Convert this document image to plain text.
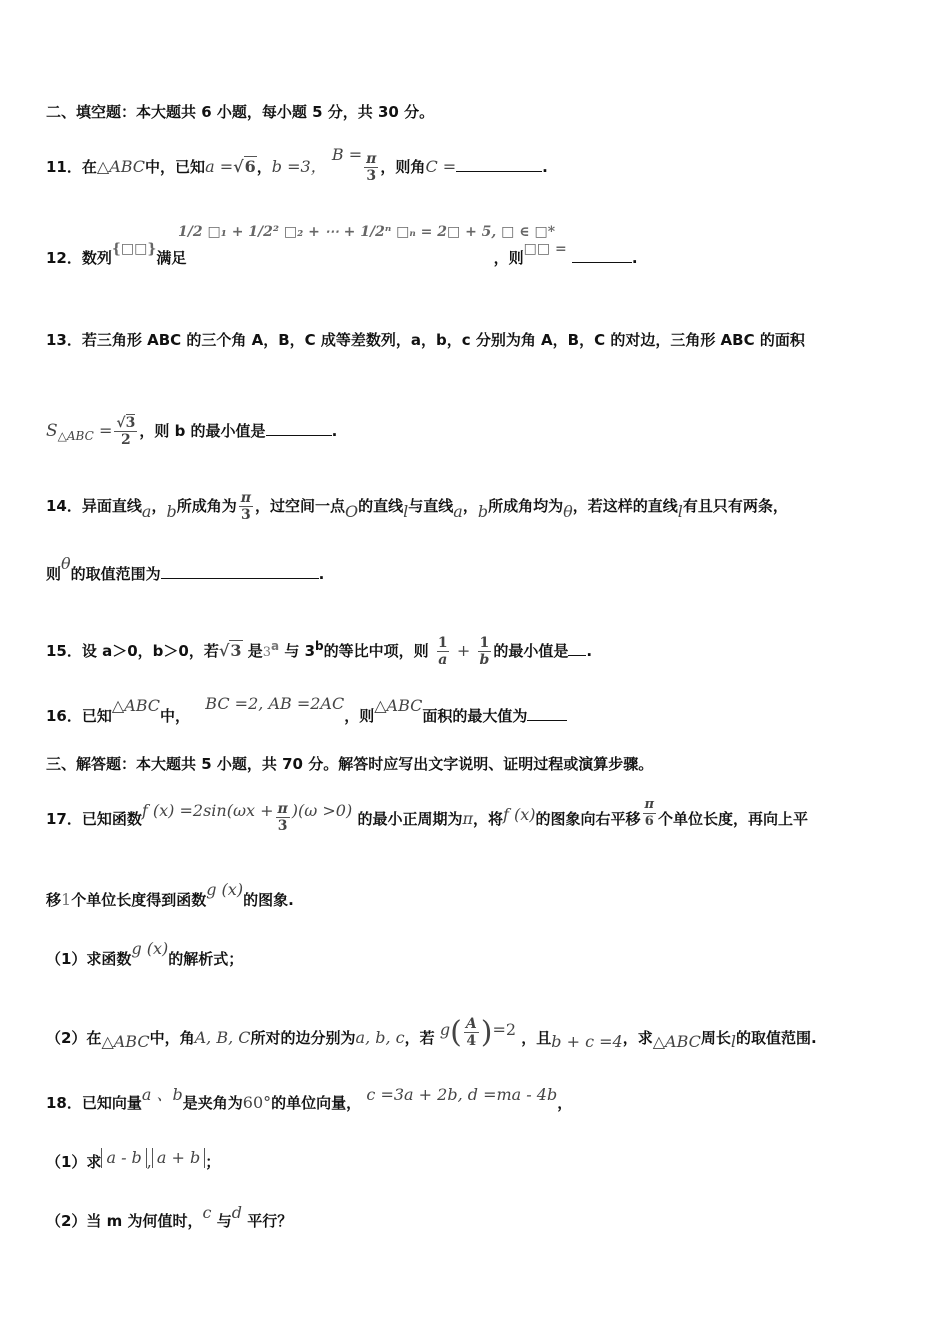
二、填空题：本大题共 6 小题，每小题 5 分，共 30 分。
11．在△ABC中，已知a =√6，b =3， $B = \frac{\pi}{3}$ ，则角C =	.
12．数列{□□}满足
1/2 □₁ + 1/2² □₂ + ⋯ + 1/2ⁿ □ₙ = 2□ + 5, □ ∈ □*
，则□□ =	.
13．若三角形 ABC 的三个角 A，B，C 成等差数列，a，b，c 分别为角 A，B，C 的对边，三角形 ABC 的面积
$S_{\triangle ABC} = \frac{√3}{2}$ ，则 b 的最小值是	.
14．异面直线a，b所成角为 $\frac{\pi}{3}$ ，过空间一点O的直线l与直线a，b所成角均为θ，若这样的直线l有且只有两条，
则θ的取值范围为	.
15．设 a＞0，b＞0，若√3 是3$^a$ 与 3$^b$的等比中项，则 $\frac{1}{a} + \frac{1}{b}$ 的最小值是 .
16．已知△ABC中， BC =2, AB =2AC，则△ABC面积的最大值为
三、解答题：本大题共 5 小题，共 70 分。解答时应写出文字说明、证明过程或演算步骤。
17．已知函数f $(x) =2\sin(\omega x + \frac{\pi}{3} )(\omega >0)$ 的最小正周期为π，将f (x)的图象向右平移 $\frac{\pi}{6}$ 个单位长度，再向上平
移1个单位长度得到函数g (x)的图象.
（1）求函数g (x)的解析式；
（2）在△ABC中，角A, B, C所对的边分别为a, b, c，若 $g( \frac{A}{4} )=2$ ，且b + c =4，求△ABC周长l的取值范围.
18．已知向量a 、b是夹角为60°的单位向量， c =3a + 2b, d =ma - 4b，
（1）求 a - b , a + b ；
（2）当 m 为何值时，c 与d 平行？
